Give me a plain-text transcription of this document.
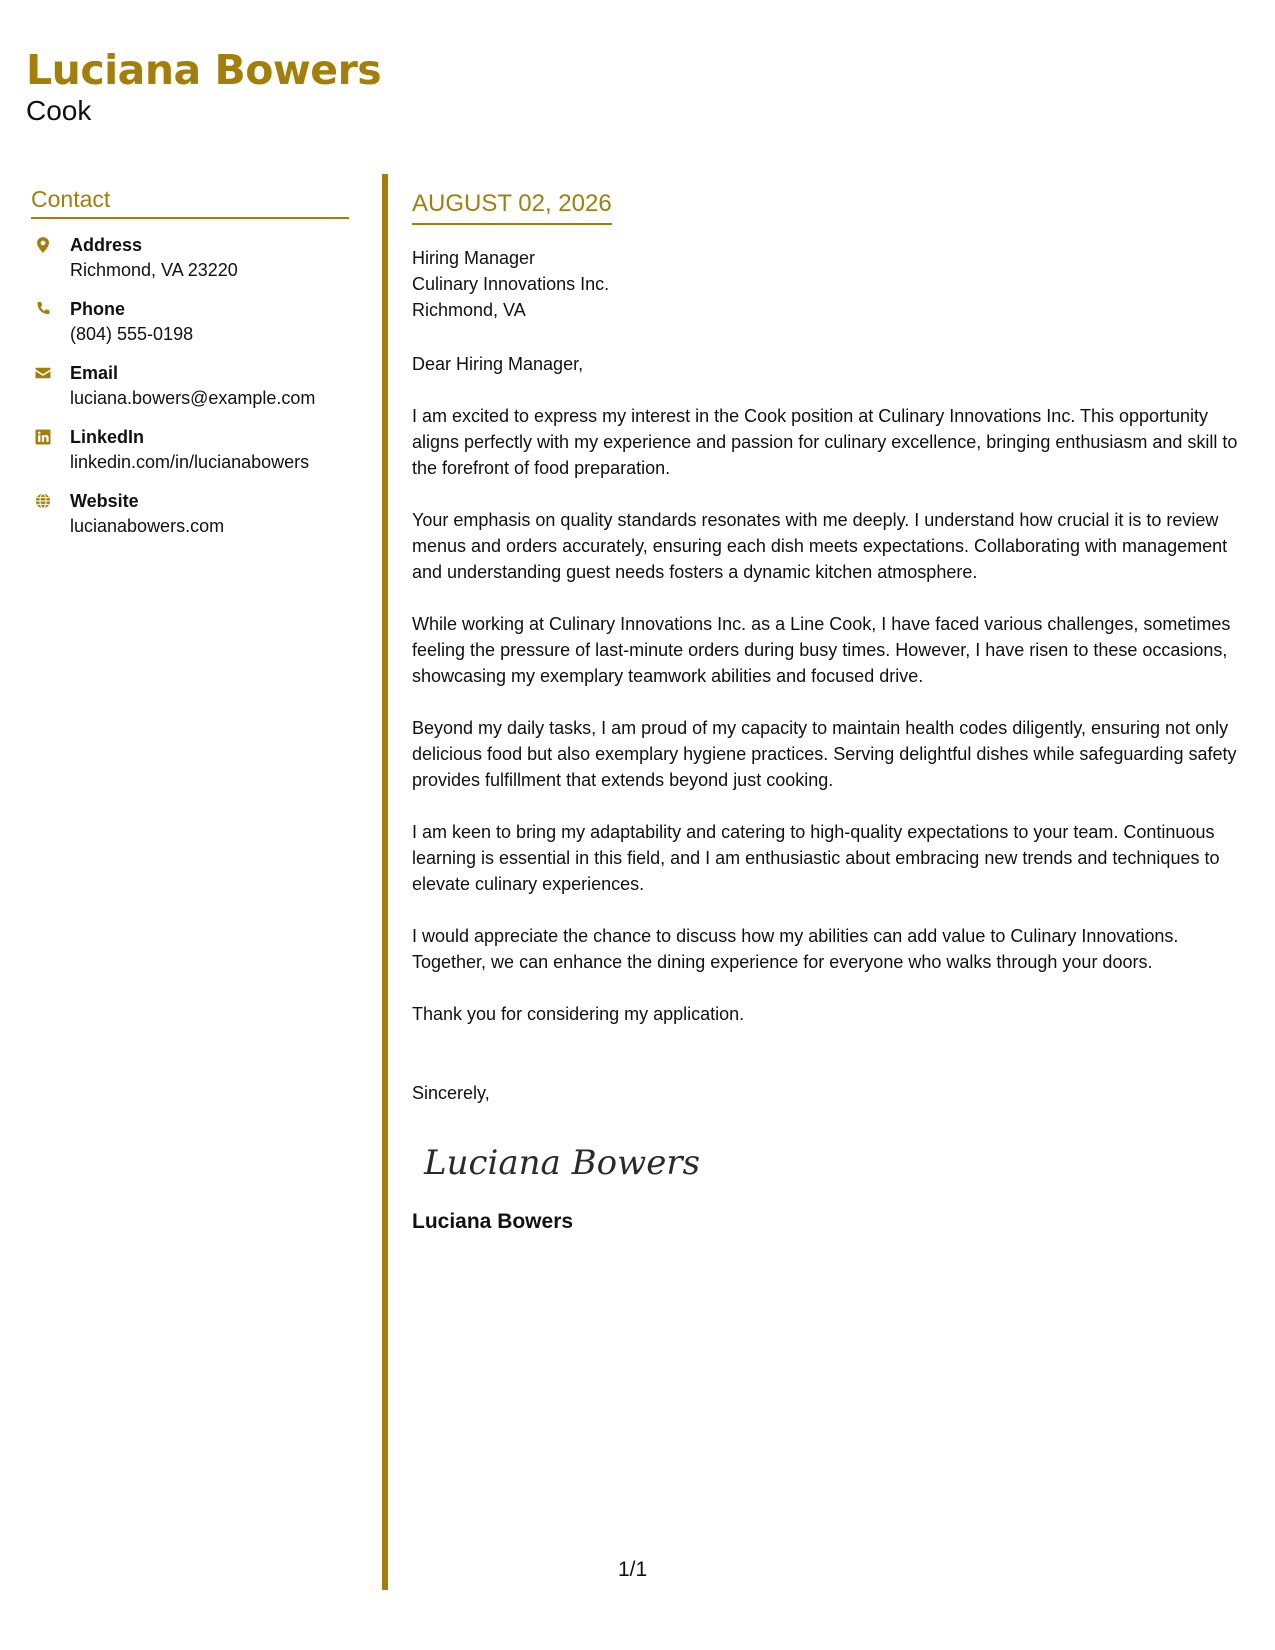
Luciana Bowers
Cook
Contact
Address
Richmond, VA 23220
Phone
(804) 555-0198
Email
luciana.bowers@example.com
LinkedIn
linkedin.com/in/lucianabowers
Website
lucianabowers.com
AUGUST 02, 2026
Hiring Manager
Culinary Innovations Inc.
Richmond, VA
Dear Hiring Manager,
I am excited to express my interest in the Cook position at Culinary Innovations Inc. This opportunity aligns perfectly with my experience and passion for culinary excellence, bringing enthusiasm and skill to the forefront of food preparation.
Your emphasis on quality standards resonates with me deeply. I understand how crucial it is to review menus and orders accurately, ensuring each dish meets expectations. Collaborating with management and understanding guest needs fosters a dynamic kitchen atmosphere.
While working at Culinary Innovations Inc. as a Line Cook, I have faced various challenges, sometimes feeling the pressure of last-minute orders during busy times. However, I have risen to these occasions, showcasing my exemplary teamwork abilities and focused drive.
Beyond my daily tasks, I am proud of my capacity to maintain health codes diligently, ensuring not only delicious food but also exemplary hygiene practices. Serving delightful dishes while safeguarding safety provides fulfillment that extends beyond just cooking.
I am keen to bring my adaptability and catering to high-quality expectations to your team. Continuous learning is essential in this field, and I am enthusiastic about embracing new trends and techniques to elevate culinary experiences.
I would appreciate the chance to discuss how my abilities can add value to Culinary Innovations. Together, we can enhance the dining experience for everyone who walks through your doors.
Thank you for considering my application.
Sincerely,
Luciana Bowers
Luciana Bowers
1/1
